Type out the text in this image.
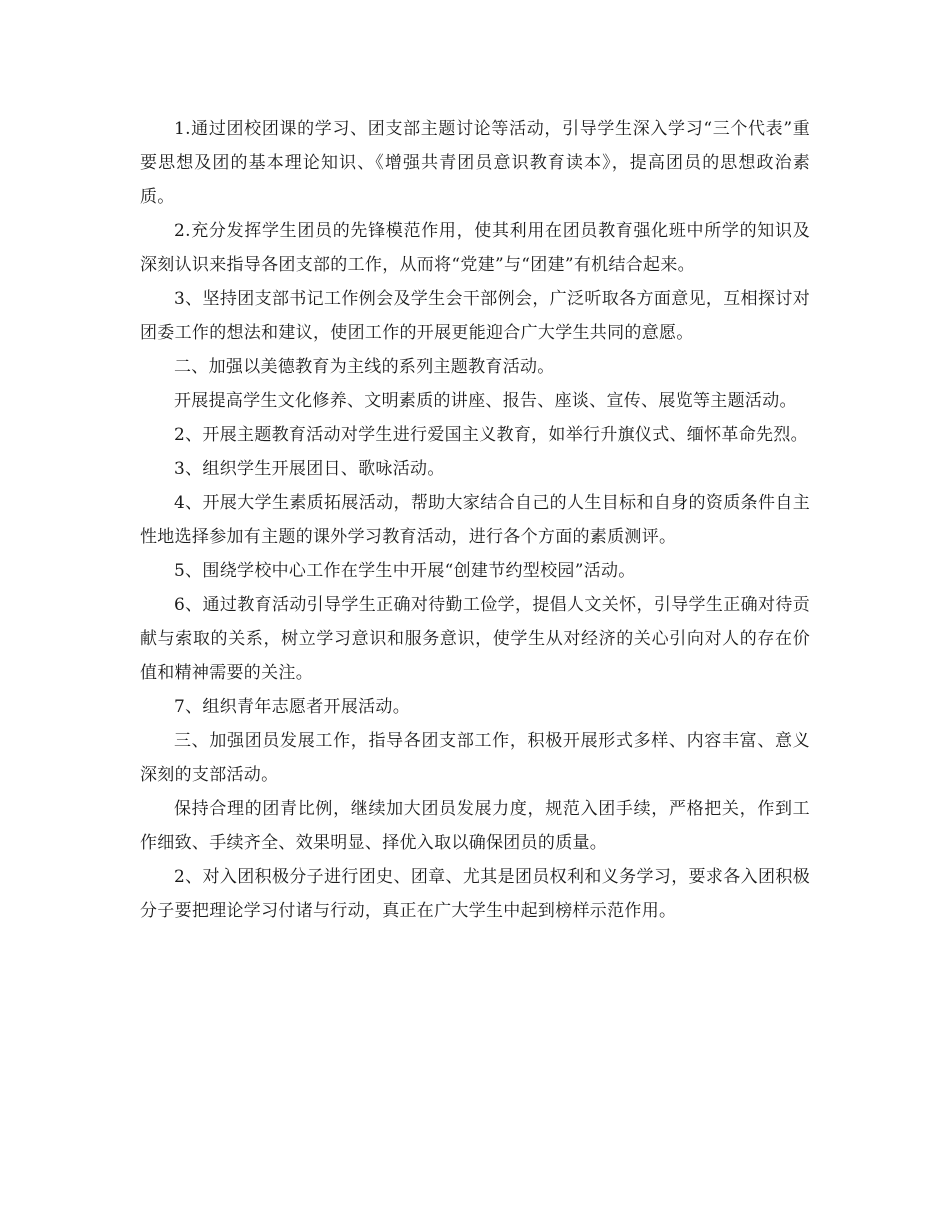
1.通过团校团课的学习、团支部主题讨论等活动，引导学生深入学习“三个代表”重要思想及团的基本理论知识、《增强共青团员意识教育读本》，提高团员的思想政治素质。

2.充分发挥学生团员的先锋模范作用，使其利用在团员教育强化班中所学的知识及深刻认识来指导各团支部的工作，从而将“党建”与“团建”有机结合起来。

3、坚持团支部书记工作例会及学生会干部例会，广泛听取各方面意见，互相探讨对团委工作的想法和建议，使团工作的开展更能迎合广大学生共同的意愿。

二、加强以美德教育为主线的系列主题教育活动。

开展提高学生文化修养、文明素质的讲座、报告、座谈、宣传、展览等主题活动。

2、开展主题教育活动对学生进行爱国主义教育，如举行升旗仪式、缅怀革命先烈。

3、组织学生开展团日、歌咏活动。

4、开展大学生素质拓展活动，帮助大家结合自己的人生目标和自身的资质条件自主性地选择参加有主题的课外学习教育活动，进行各个方面的素质测评。

5、围绕学校中心工作在学生中开展“创建节约型校园”活动。

6、通过教育活动引导学生正确对待勤工俭学，提倡人文关怀，引导学生正确对待贡献与索取的关系，树立学习意识和服务意识，使学生从对经济的关心引向对人的存在价值和精神需要的关注。

7、组织青年志愿者开展活动。

三、加强团员发展工作，指导各团支部工作，积极开展形式多样、内容丰富、意义深刻的支部活动。

保持合理的团青比例，继续加大团员发展力度，规范入团手续，严格把关，作到工作细致、手续齐全、效果明显、择优入取以确保团员的质量。

2、对入团积极分子进行团史、团章、尤其是团员权利和义务学习，要求各入团积极分子要把理论学习付诸与行动，真正在广大学生中起到榜样示范作用。
